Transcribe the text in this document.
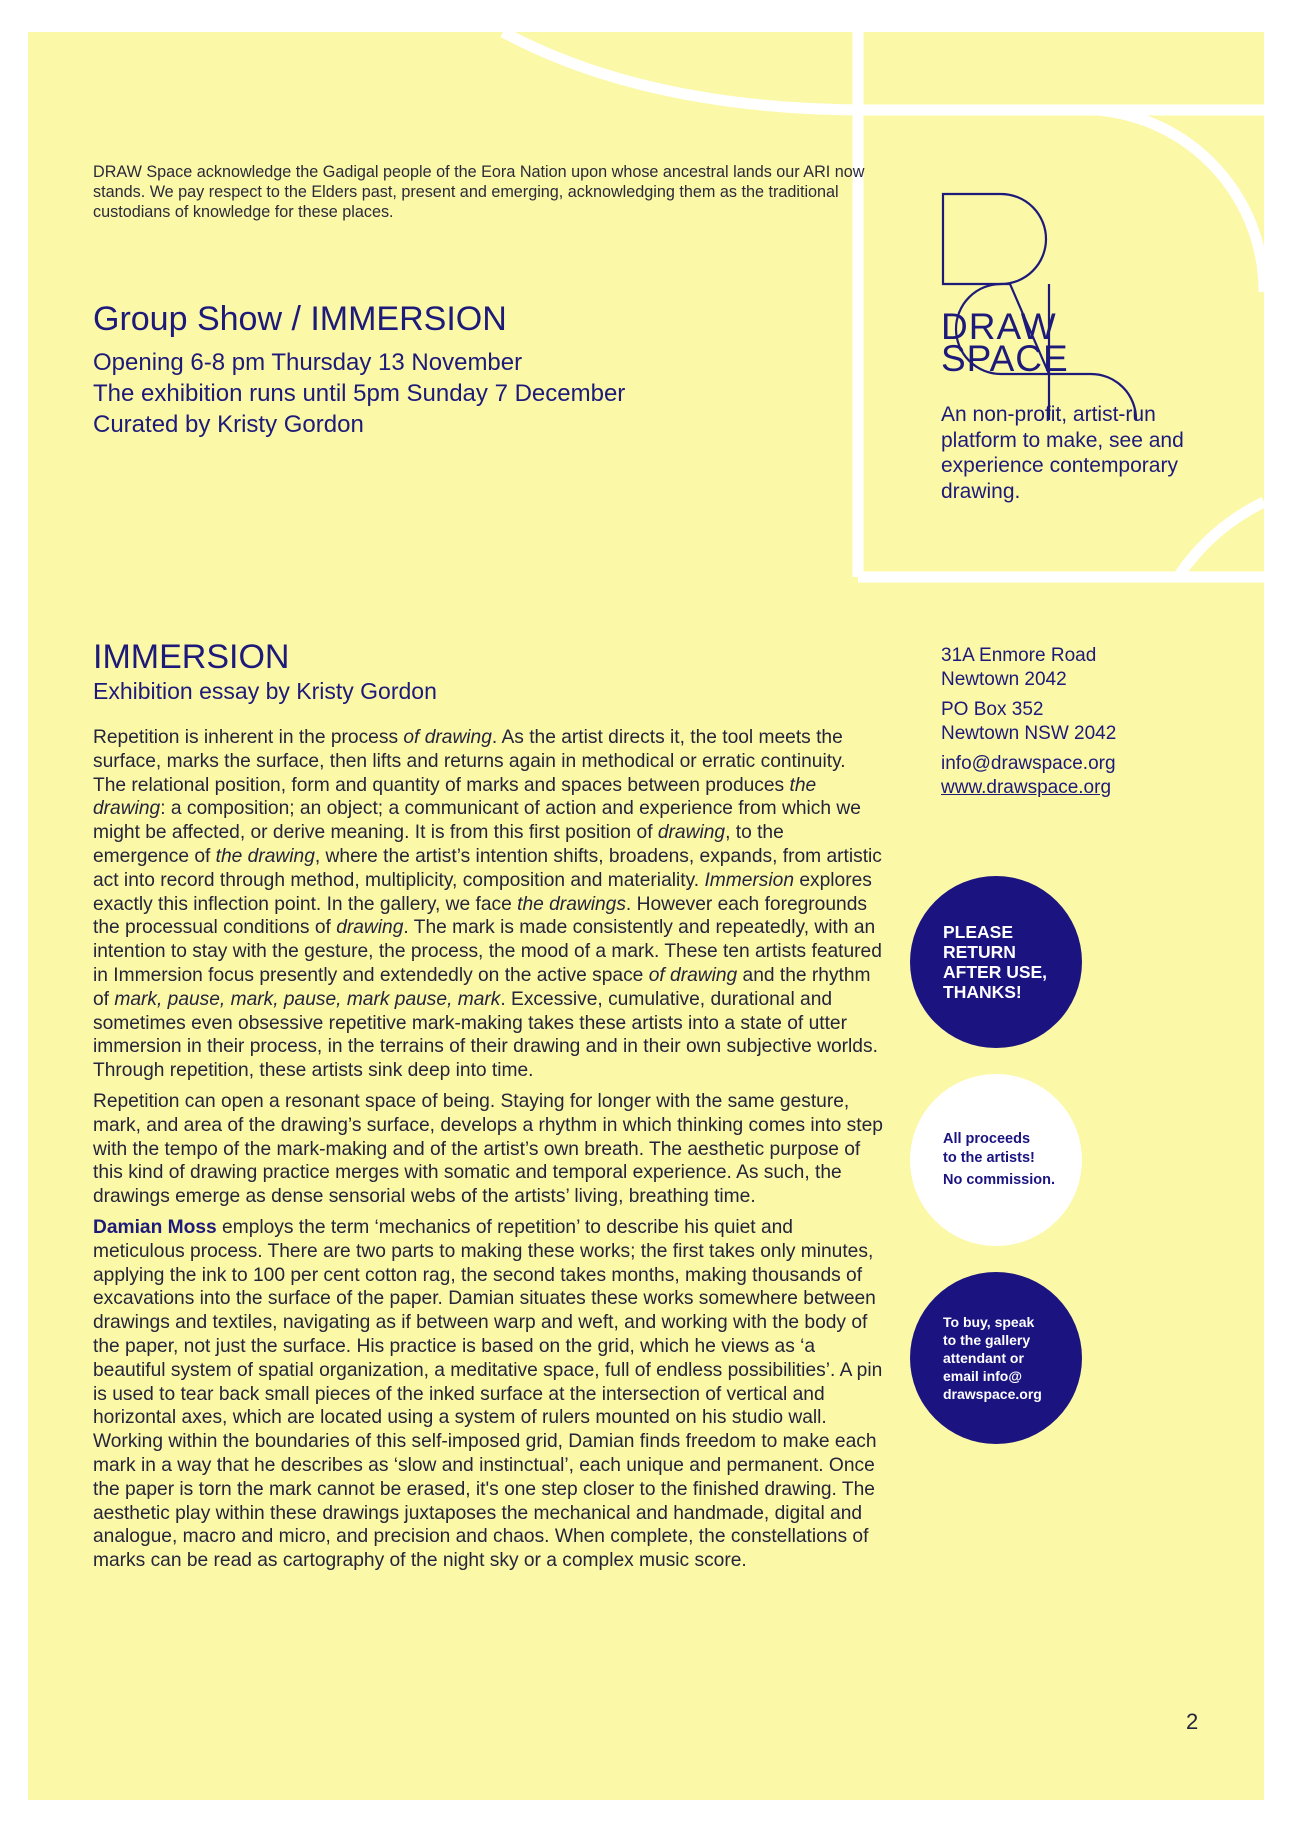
DRAW Space acknowledge the Gadigal people of the Eora Nation upon whose ancestral lands our ARI now stands. We pay respect to the Elders past, present and emerging, acknowledging them as the traditional custodians of knowledge for these places.
Group Show / IMMERSION
Opening 6-8 pm Thursday 13 November
The exhibition runs until 5pm Sunday 7 December
Curated by Kristy Gordon
DRAW
SPACE
An non-profit, artist-run platform to make, see and experience contemporary drawing.
IMMERSION
Exhibition essay by Kristy Gordon

Repetition is inherent in the process of drawing. As the artist directs it, the tool meets the surface, marks the surface, then lifts and returns again in methodical or erratic continuity. The relational position, form and quantity of marks and spaces between produces the drawing: a composition; an object; a communicant of action and experience from which we might be affected, or derive meaning. It is from this first position of drawing, to the emergence of the drawing, where the artist’s intention shifts, broadens, expands, from artistic act into record through method, multiplicity, composition and materiality. Immersion explores exactly this inflection point. In the gallery, we face the drawings. However each foregrounds the processual conditions of drawing. The mark is made consistently and repeatedly, with an intention to stay with the gesture, the process, the mood of a mark. These ten artists featured in Immersion focus presently and extendedly on the active space of drawing and the rhythm of mark, pause, mark, pause, mark pause, mark. Excessive, cumulative, durational and sometimes even obsessive repetitive mark-making takes these artists into a state of utter immersion in their process, in the terrains of their drawing and in their own subjective worlds. Through repetition, these artists sink deep into time.

Repetition can open a resonant space of being. Staying for longer with the same gesture, mark, and area of the drawing’s surface, develops a rhythm in which thinking comes into step with the tempo of the mark-making and of the artist’s own breath. The aesthetic purpose of this kind of drawing practice merges with somatic and temporal experience. As such, the drawings emerge as dense sensorial webs of the artists’ living, breathing time.

Damian Moss employs the term ‘mechanics of repetition’ to describe his quiet and meticulous process. There are two parts to making these works; the first takes only minutes, applying the ink to 100 per cent cotton rag, the second takes months, making thousands of excavations into the surface of the paper. Damian situates these works somewhere between drawings and textiles, navigating as if between warp and weft, and working with the body of the paper, not just the surface. His practice is based on the grid, which he views as ‘a beautiful system of spatial organization, a meditative space, full of endless possibilities’. A pin is used to tear back small pieces of the inked surface at the intersection of vertical and horizontal axes, which are located using a system of rulers mounted on his studio wall. Working within the boundaries of this self-imposed grid, Damian finds freedom to make each mark in a way that he describes as ‘slow and instinctual’, each unique and permanent. Once the paper is torn the mark cannot be erased, it's one step closer to the finished drawing. The aesthetic play within these drawings juxtaposes the mechanical and handmade, digital and analogue, macro and micro, and precision and chaos. When complete, the constellations of marks can be read as cartography of the night sky or a complex music score.

31A Enmore Road
Newtown 2042
PO Box 352
Newtown NSW 2042
info@drawspace.org
www.drawspace.org
PLEASE
RETURN
AFTER USE,
THANKS!
All proceeds
to the artists!
No commission.
To buy, speak
to the gallery
attendant or
email info@
drawspace.org
2
